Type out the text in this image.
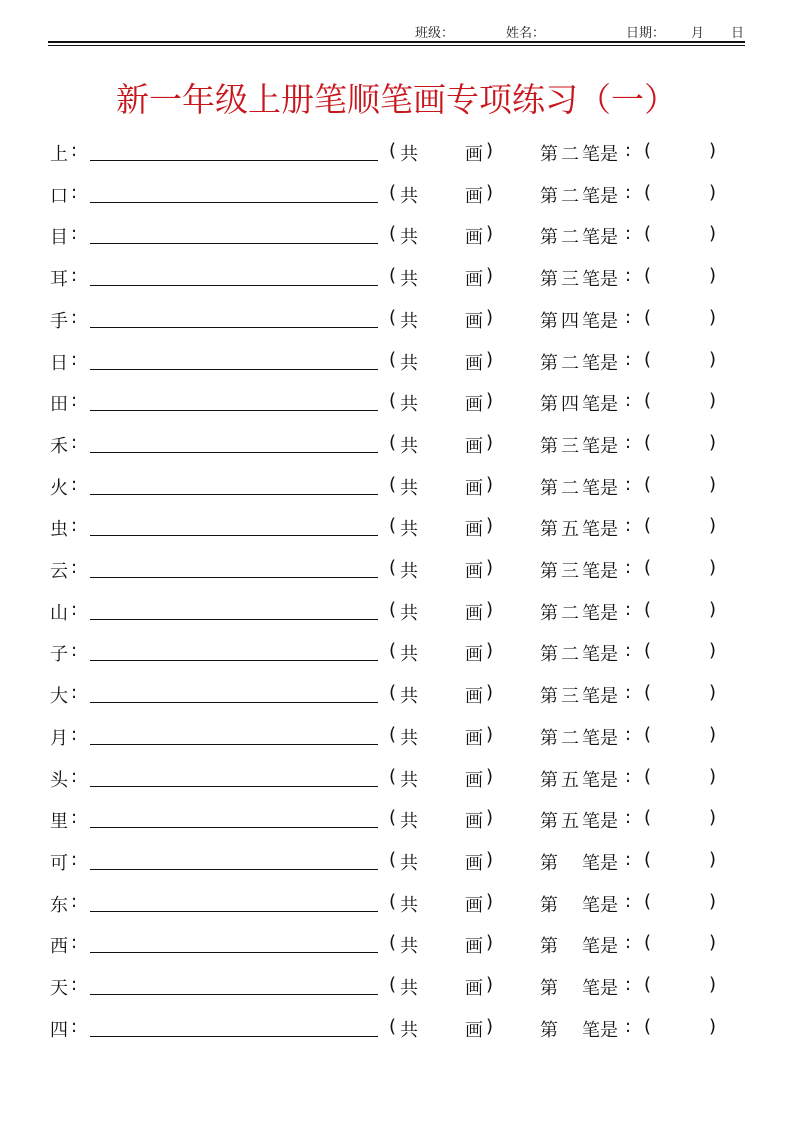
班级：	姓名：	日期： 月 日
新一年级上册笔顺笔画专项练习（一）
上 :	( 共	画 )	第 二 笔是 : (	)
口 :	( 共	画 )	第 二 笔是 : (	)
目 :	( 共	画 )	第 二 笔是 : (	)
耳 :	( 共	画 )	第 三 笔是 : (	)
手 :	( 共	画 )	第 四 笔是 : (	)
日 :	( 共	画 )	第 二 笔是 : (	)
田 :	( 共	画 )	第 四 笔是 : (	)
禾 :	( 共	画 )	第 三 笔是 : (	)
火 :	( 共	画 )	第 二 笔是 : (	)
虫 :	( 共	画 )	第 五 笔是 : (	)
云 :	( 共	画 )	第 三 笔是 : (	)
山 :	( 共	画 )	第 二 笔是 : (	)
子 :	( 共	画 )	第 二 笔是 : (	)
大 :	( 共	画 )	第 三 笔是 : (	)
月 :	( 共	画 )	第 二 笔是 : (	)
头 :	( 共	画 )	第 五 笔是 : (	)
里 :	( 共	画 )	第 五 笔是 : (	)
可 :	( 共	画 )	第 笔是 : (	)
东 :	( 共	画 )	第 笔是 : (	)
西 :	( 共	画 )	第 笔是 : (	)
天 :	( 共	画 )	第 笔是 : (	)
四 :	( 共	画 )	第 笔是 : (	)
